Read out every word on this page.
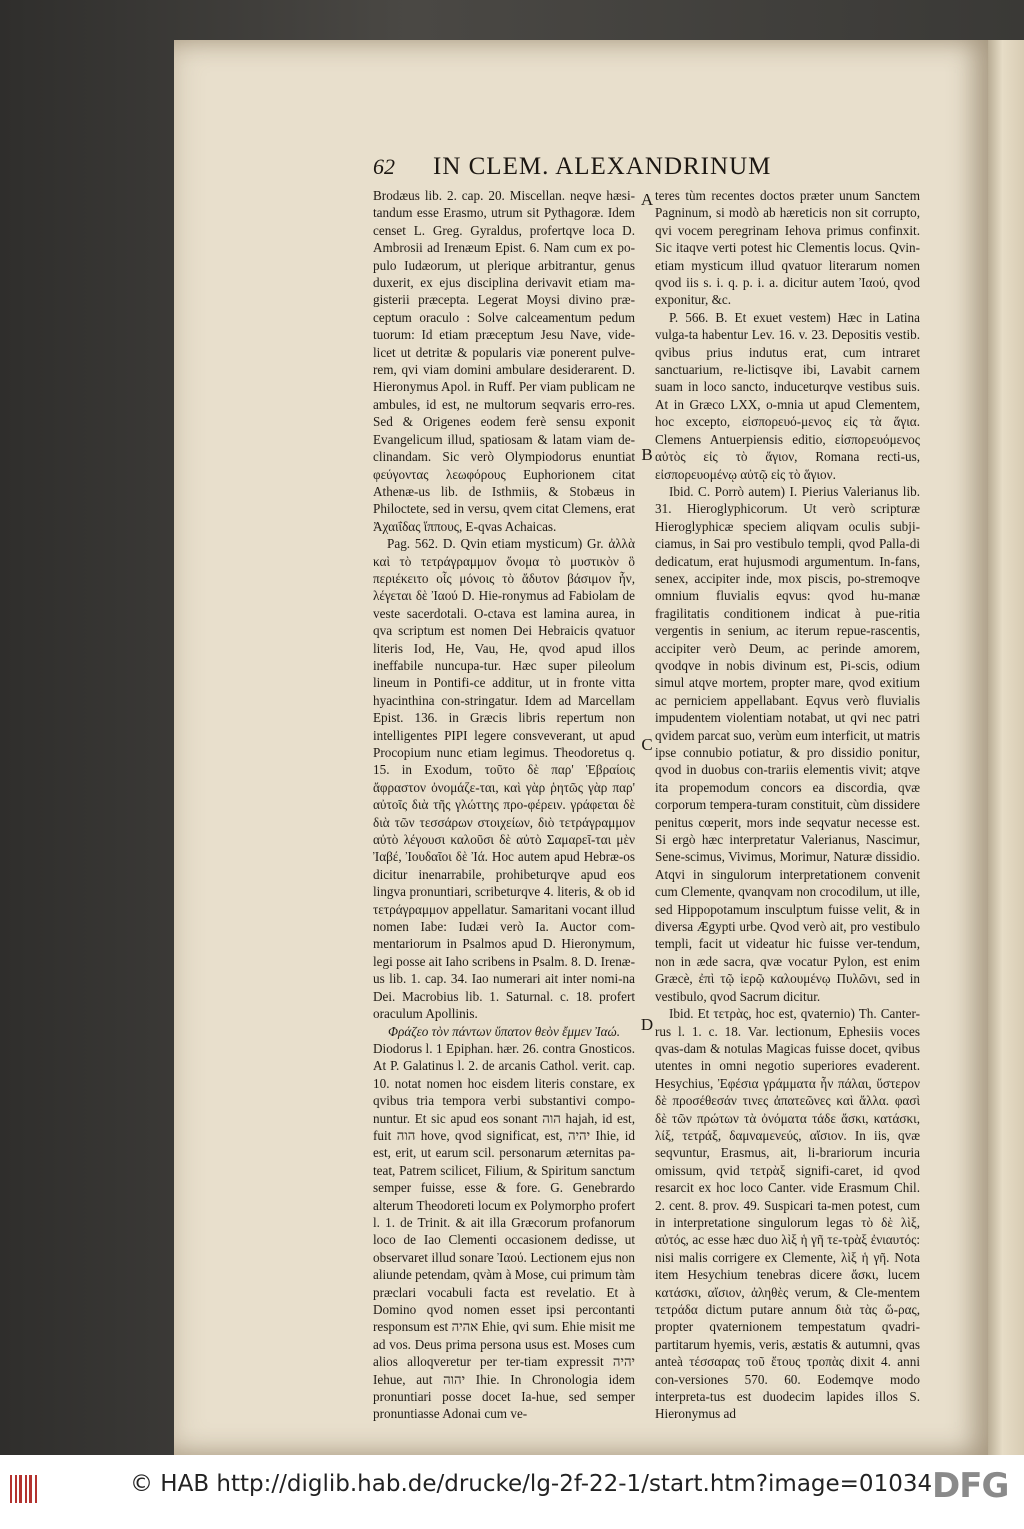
62	IN CLEM. ALEXANDRINUM

Brodæus lib. 2. cap. 20. Miscellan. neqve hæsi-tandum esse Erasmo, utrum sit Pythagoræ. Idem censet L. Greg. Gyraldus, profertqve loca D. Ambrosii ad Irenæum Epist. 6. Nam cum ex po-pulo Iudæorum, ut plerique arbitrantur, genus duxerit, ex ejus disciplina derivavit etiam ma-gisterii præcepta. Legerat Moysi divino præ-ceptum oraculo : Solve calceamentum pedum tuorum: Id etiam præceptum Jesu Nave, vide-licet ut detritæ & popularis viæ ponerent pulve-rem, qvi viam domini ambulare desiderarent. D. Hieronymus Apol. in Ruff. Per viam publicam ne ambules, id est, ne multorum seqvaris erro-res. Sed & Origenes eodem ferè sensu exponit Evangelicum illud, spatiosam & latam viam de-clinandam. Sic verò Olympiodorus enuntiat φεύγοντας λεωφόρους Euphorionem citat Athenæ-us lib. de Isthmiis, & Stobæus in Philoctete, sed in versu, qvem citat Clemens, erat Ἀχαιΐδας ἵππους, E-qvas Achaicas.

Pag. 562. D. Qvin etiam mysticum) Gr. ἀλλὰ καὶ τὸ τετράγραμμον ὄνομα τὸ μυστικὸν ὃ περιέκειτο οἷς μόνοις τὸ ἄδυτον βάσιμον ἦν, λέγεται δὲ Ἰαού D. Hie-ronymus ad Fabiolam de veste sacerdotali. O-ctava est lamina aurea, in qva scriptum est nomen Dei Hebraicis qvatuor literis Iod, He, Vau, He, qvod apud illos ineffabile nuncupa-tur. Hæc super pileolum lineum in Pontifi-ce additur, ut in fronte vitta hyacinthina con-stringatur. Idem ad Marcellam Epist. 136. in Græcis libris repertum non intelligentes PIPI legere consveverant, ut apud Procopium nunc etiam legimus. Theodoretus q. 15. in Exodum, τοῦτο δὲ παρ' Ἑβραίοις ἄφραστον ὀνομάζε-ται, καὶ γὰρ ῥητῶς γὰρ παρ' αὐτοῖς διὰ τῆς γλώττης προ-φέρειν. γράφεται δὲ διὰ τῶν τεσσάρων στοιχείων, διὸ τετράγραμμον αὐτὸ λέγουσι καλοῦσι δὲ αὐτὸ Σαμαρεῖ-ται μὲν Ἰαβέ, Ἰουδαῖοι δὲ Ἰά. Hoc autem apud Hebræ-os dicitur inenarrabile, prohibeturqve apud eos lingva pronuntiari, scribeturqve 4. literis, & ob id τετράγραμμον appellatur. Samaritani vocant illud nomen Iabe: Iudæi verò Ia. Auctor com-mentariorum in Psalmos apud D. Hieronymum, legi posse ait Iaho scribens in Psalm. 8. D. Irenæ-us lib. 1. cap. 34. Iao numerari ait inter nomi-na Dei. Macrobius lib. 1. Saturnal. c. 18. profert oraculum Apollinis.

Φράζεο τὸν πάντων ὕπατον θεὸν ἔμμεν Ἰαώ.

Diodorus l. 1 Epiphan. hær. 26. contra Gnosticos. At P. Galatinus l. 2. de arcanis Cathol. verit. cap. 10. notat nomen hoc eisdem literis constare, ex qvibus tria tempora verbi substantivi compo-nuntur. Et sic apud eos sonant הוה hajah, id est, fuit הוה hove, qvod significat, est, יהיה Ihie, id est, erit, ut earum scil. personarum æternitas pa-teat, Patrem scilicet, Filium, & Spiritum sanctum semper fuisse, esse & fore. G. Genebrardo alterum Theodoreti locum ex Polymorpho profert l. 1. de Trinit. & ait illa Græcorum profanorum loco de Iao Clementi occasionem dedisse, ut observaret illud sonare Ἰαού. Lectionem ejus non aliunde petendam, qvàm à Mose, cui primum tàm præclari vocabuli facta est revelatio. Et à Domino qvod nomen esset ipsi percontanti responsum est אהיה Ehie, qvi sum. Ehie misit me ad vos. Deus prima persona usus est. Moses cum alios alloqveretur per ter-tiam expressit יהיה Iehue, aut יהוה Ihie. In Chronologia idem pronuntiari posse docet Ia-hue, sed semper pronuntiasse Adonai cum ve-

A
B
C
D

teres tùm recentes doctos præter unum Sanctem Pagninum, si modò ab hæreticis non sit corrupto, qvi vocem peregrinam Iehova primus confinxit. Sic itaqve verti potest hic Clementis locus. Qvin-etiam mysticum illud qvatuor literarum nomen qvod iis s. i. q. p. i. a. dicitur autem Ἰαού, qvod exponitur, &c.

P. 566. B. Et exuet vestem) Hæc in Latina vulga-ta habentur Lev. 16. v. 23. Depositis vestib. qvibus prius indutus erat, cum intraret sanctuarium, re-lictisqve ibi, Lavabit carnem suam in loco sancto, induceturqve vestibus suis. At in Græco LXX, o-mnia ut apud Clementem, hoc excepto, εἰσπορευό-μενος εἰς τὰ ἅγια. Clemens Antuerpiensis editio, εἰσπορευόμενος αὐτὸς εἰς τὸ ἅγιον, Romana recti-us, εἰσπορευομένῳ αὐτῷ εἰς τὸ ἅγιον.

Ibid. C. Porrò autem) I. Pierius Valerianus lib. 31. Hieroglyphicorum. Ut verò scripturæ Hieroglyphicæ speciem aliqvam oculis subji-ciamus, in Sai pro vestibulo templi, qvod Palla-di dedicatum, erat hujusmodi argumentum. In-fans, senex, accipiter inde, mox piscis, po-stremoqve omnium fluvialis eqvus: qvod hu-manæ fragilitatis conditionem indicat à pue-ritia vergentis in senium, ac iterum repue-rascentis, accipiter verò Deum, ac perinde amorem, qvodqve in nobis divinum est, Pi-scis, odium simul atqve mortem, propter mare, qvod exitium ac perniciem appellabant. Eqvus verò fluvialis impudentem violentiam notabat, ut qvi nec patri qvidem parcat suo, verùm eum interficit, ut matris ipse connubio potiatur, & pro dissidio ponitur, qvod in duobus con-trariis elementis vivit; atqve ita propemodum concors ea discordia, qvæ corporum tempera-turam constituit, cùm dissidere penitus cœperit, mors inde seqvatur necesse est. Si ergò hæc interpretatur Valerianus, Nascimur, Sene-scimus, Vivimus, Morimur, Naturæ dissidio. Atqvi in singulorum interpretationem convenit cum Clemente, qvanqvam non crocodilum, ut ille, sed Hippopotamum insculptum fuisse velit, & in diversa Ægypti urbe. Qvod verò ait, pro vestibulo templi, facit ut videatur hic fuisse ver-tendum, non in æde sacra, qvæ vocatur Pylon, est enim Græcè, ἐπὶ τῷ ἱερῷ καλουμένῳ Πυλῶνι, sed in vestibulo, qvod Sacrum dicitur.

Ibid. Et τετρὰς, hoc est, qvaternio) Th. Canter-rus l. 1. c. 18. Var. lectionum, Ephesiis voces qvas-dam & notulas Magicas fuisse docet, qvibus utentes in omni negotio superiores evaderent. Hesychius, Ἐφέσια γράμματα ἦν πάλαι, ὕστερον δὲ προσέθεσάν τινες ἀπατεῶνες καὶ ἄλλα. φασὶ δὲ τῶν πρώτων τὰ ὀνόματα τάδε ἄσκι, κατάσκι, λίξ, τετράξ, δαμναμενεύς, αἴσιον. In iis, qvæ seqvuntur, Erasmus, ait, li-brariorum incuria omissum, qvid τετρὰξ signifi-caret, id qvod resarcit ex hoc loco Canter. vide Erasmum Chil. 2. cent. 8. prov. 49. Suspicari ta-men potest, cum in interpretatione singulorum legas τὸ δὲ λὶξ, αὐτός, ac esse hæc duo λὶξ ἡ γῆ τε-τρὰξ ἐνιαυτός: nisi malis corrigere ex Clemente, λὶξ ἡ γῆ. Nota item Hesychium tenebras dicere ἄσκι, lucem κατάσκι, αἴσιον, ἀληθὲς verum, & Cle-mentem τετράδα dictum putare annum διὰ τὰς ὥ-ρας, propter qvaternionem tempestatum qvadri-partitarum hyemis, veris, æstatis & autumni, qvas anteà τέσσαρας τοῦ ἔτους τροπὰς dixit 4. anni con-versiones 570. 60. Eodemqve modo interpreta-tus est duodecim lapides illos S. Hieronymus ad

© HAB http://diglib.hab.de/drucke/lg-2f-22-1/start.htm?image=01034 DFG
